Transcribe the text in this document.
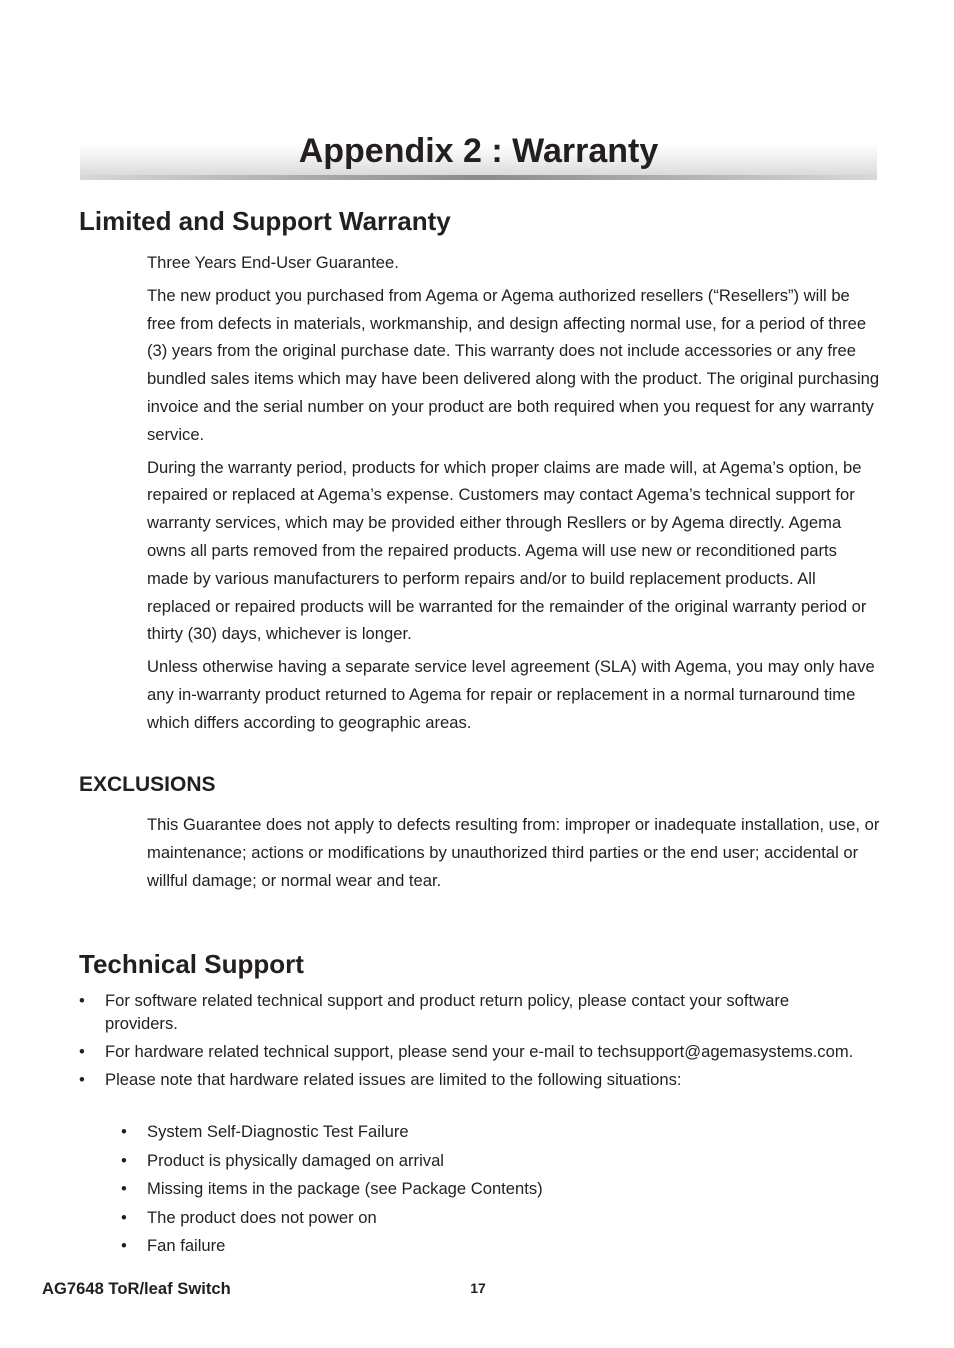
Appendix 2 : Warranty
Limited and Support Warranty

Three Years End-User Guarantee.

The new product you purchased from Agema or Agema authorized resellers (“Resellers”) will be free from defects in materials, workmanship, and design affecting normal use, for a period of three (3) years from the original purchase date. This warranty does not include accessories or any free bundled sales items which may have been delivered along with the product. The original purchasing invoice and the serial number on your product are both required when you request for any warranty service.

During the warranty period, products for which proper claims are made will, at Agema’s option, be repaired or replaced at Agema’s expense. Customers may contact Agema’s technical support for warranty services, which may be provided either through Resllers or by Agema directly. Agema owns all parts removed from the repaired products. Agema will use new or reconditioned parts made by various manufacturers to perform repairs and/or to build replacement products. All replaced or repaired products will be warranted for the remainder of the original warranty period or thirty (30) days, whichever is longer.

Unless otherwise having a separate service level agreement (SLA) with Agema, you may only have any in-warranty product returned to Agema for repair or replacement in a normal turnaround time which differs according to geographic areas.

EXCLUSIONS

This Guarantee does not apply to defects resulting from: improper or inadequate installation, use, or maintenance; actions or modifications by unauthorized third parties or the end user; accidental or willful damage; or normal wear and tear.

Technical Support
• For software related technical support and product return policy, please contact your software providers.
• For hardware related technical support, please send your e-mail to techsupport@agemasystems.com.
• Please note that hardware related issues are limited to the following situations:
• System Self-Diagnostic Test Failure
• Product is physically damaged on arrival
• Missing items in the package (see Package Contents)
• The product does not power on
• Fan failure
AG7648 ToR/leaf Switch	17
